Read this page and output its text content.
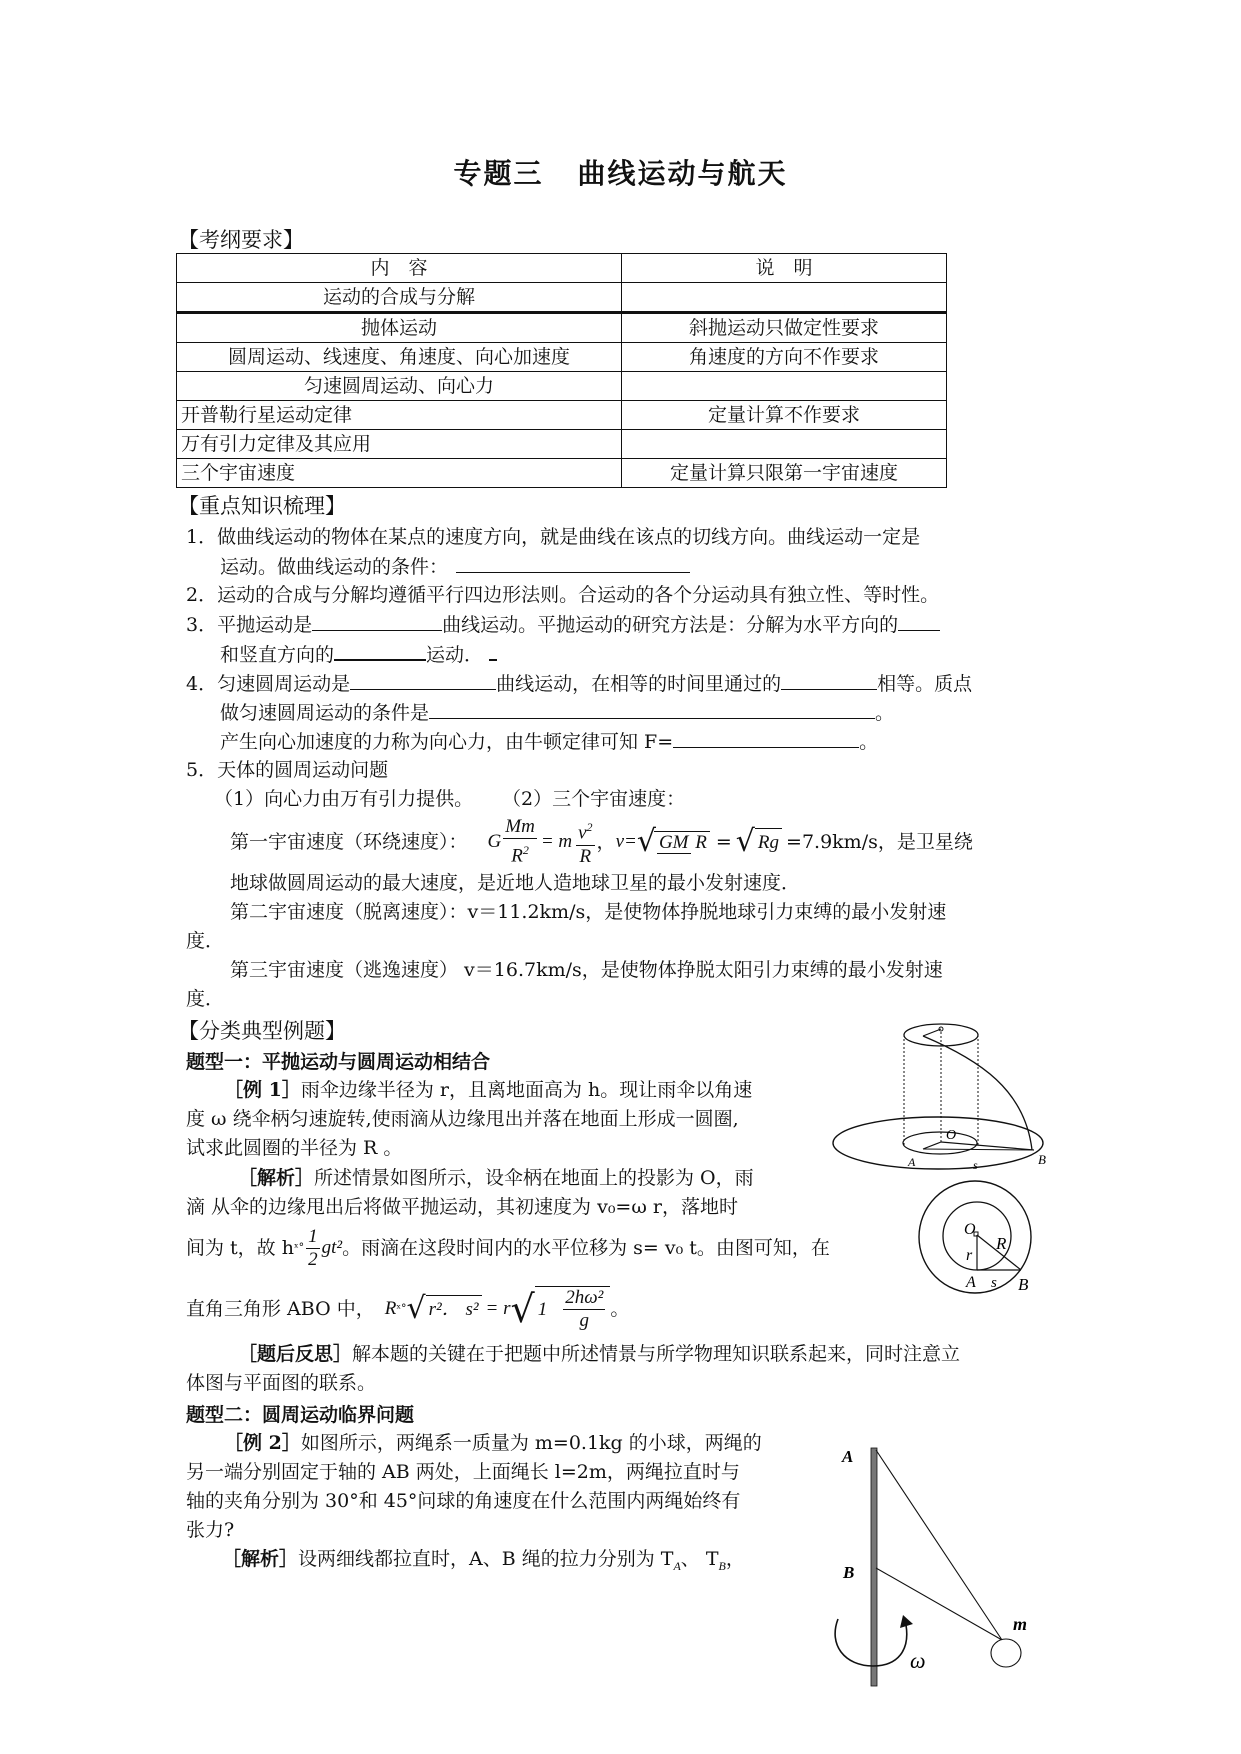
专题三 曲线运动与航天
【考纲要求】
内　容	说　明
运动的合成与分解	
抛体运动	斜抛运动只做定性要求
圆周运动、线速度、角速度、向心加速度	角速度的方向不作要求
匀速圆周运动、向心力	
开普勒行星运动定律	定量计算不作要求
万有引力定律及其应用	
三个宇宙速度	定量计算只限第一宇宙速度
【重点知识梳理】
1．做曲线运动的物体在某点的速度方向，就是曲线在该点的切线方向。曲线运动一定是
运动。做曲线运动的条件：
2．运动的合成与分解均遵循平行四边形法则。合运动的各个分运动具有独立性、等时性。
3．平抛运动是	曲线运动。平抛运动的研究方法是：分解为水平方向的
和竖直方向的	运动．
4．匀速圆周运动是	曲线运动，在相等的时间里通过的	相等。质点
做匀速圆周运动的条件是	。
产生向心加速度的力称为向心力，由牛顿定律可知 F=	。
5．天体的圆周运动问题
（1）向心力由万有引力提供。 （2）三个宇宙速度：
第一宇宙速度（环绕速度）： G $\frac{Mm}{R^2} = m \frac{v^2}{R}$ ， v= √ GM R = √ Rg =7.9km/s，是卫星绕
地球做圆周运动的最大速度，是近地人造地球卫星的最小发射速度．
第二宇宙速度（脱离速度）：v＝11.2km/s，是使物体挣脱地球引力束缚的最小发射速
度．
第三宇宙速度（逃逸速度） v＝16.7km/s，是使物体挣脱太阳引力束缚的最小发射速
度．
【分类典型例题】
题型一：平抛运动与圆周运动相结合
［例 1］雨伞边缘半径为 r，且离地面高为 h。现让雨伞以角速
度 ω 绕伞柄匀速旋转,使雨滴从边缘甩出并落在地面上形成一圆圈,
试求此圆圈的半径为 R 。
［解析］所述情景如图所示，设伞柄在地面上的投影为 O，雨
滴 从伞的边缘甩出后将做平抛运动，其初速度为 v₀=ω r，落地时
间为 t，故 h ˣ° $\frac{1}{2} gt^2$ 。雨滴在这段时间内的水平位移为 s= v₀ t。由图可知，在
直角三角形 ABO 中， R ˣ° √ r²． s² = r √ $1 \frac{\text{2hω²}}{g}$ 。
［题后反思］解本题的关键在于把题中所述情景与所学物理知识联系起来，同时注意立
体图与平面图的联系。
题型二：圆周运动临界问题
［例 2］如图所示，两绳系一质量为 m=0.1kg 的小球，两绳的
另一端分别固定于轴的 AB 两处，上面绳长 l=2m，两绳拉直时与
轴的夹角分别为 30°和 45°问球的角速度在什么范围内两绳始终有
张力?
［解析］设两细线都拉直时，A、B 绳的拉力分别为 $T_A$、 $T_B$，
O
A	s	B
O
R
r
A s B
A
B
m
ω
